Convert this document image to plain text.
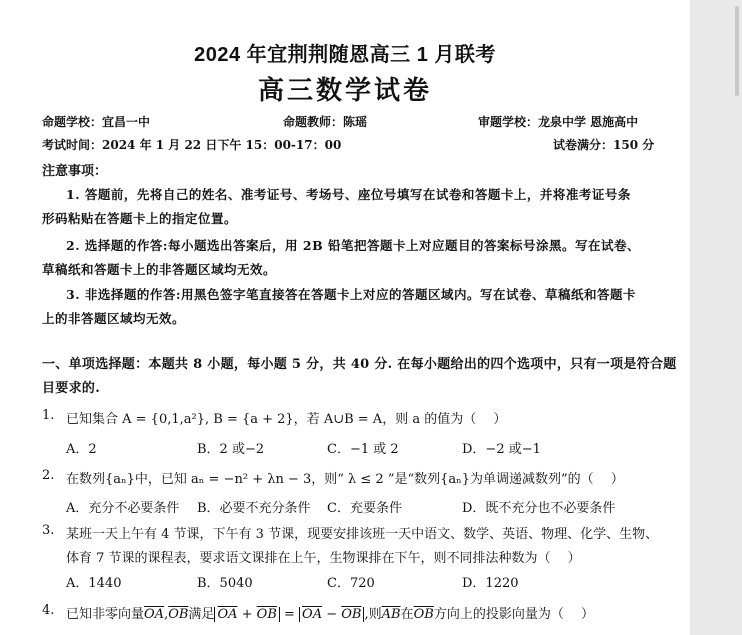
2024 年宜荆荆随恩高三 1 月联考
高三数学试卷
命题学校：宜昌一中	命题教师：陈瑶	审题学校：龙泉中学 恩施高中
考试时间：2024 年 1 月 22 日下午 15：00-17：00	试卷满分：150 分
注意事项：
1. 答题前，先将自己的姓名、准考证号、考场号、座位号填写在试卷和答题卡上，并将准考证号条
形码粘贴在答题卡上的指定位置。
2. 选择题的作答:每小题选出答案后，用 2B 铅笔把答题卡上对应题目的答案标号涂黑。写在试卷、
草稿纸和答题卡上的非答题区域均无效。
3. 非选择题的作答:用黑色签字笔直接答在答题卡上对应的答题区域内。写在试卷、草稿纸和答题卡
上的非答题区域均无效。
一、单项选择题：本题共 8 小题，每小题 5 分，共 40 分. 在每小题给出的四个选项中，只有一项是符合题
目要求的.
1. 已知集合 A = {0,1,a²}, B = {a + 2}，若 A∪B = A，则 a 的值为（　 ）
A．2	B．2 或−2	C．−1 或 2	D．−2 或−1
2. 在数列{aₙ}中，已知 aₙ = −n² + λn − 3，则“ λ ≤ 2 ”是“数列{aₙ}为单调递减数列”的（　 ）
A．充分不必要条件 B．必要不充分条件 C．充要条件	D．既不充分也不必要条件
3. 某班一天上午有 4 节课，下午有 3 节课，现要安排该班一天中语文、数学、英语、物理、化学、生物、
体育 7 节课的课程表，要求语文课排在上午，生物课排在下午，则不同排法种数为（　 ）
A．1440	B．5040	C．720	D．1220
4. 已知非零向量$\overline{OA},\overline{OB}$满足 $\overline{OA} + \overline{OB} = \overline{OA} - \overline{OB}$ ,则$\overline{AB}$在$\overline{OB}$方向上的投影向量为（　 ）
